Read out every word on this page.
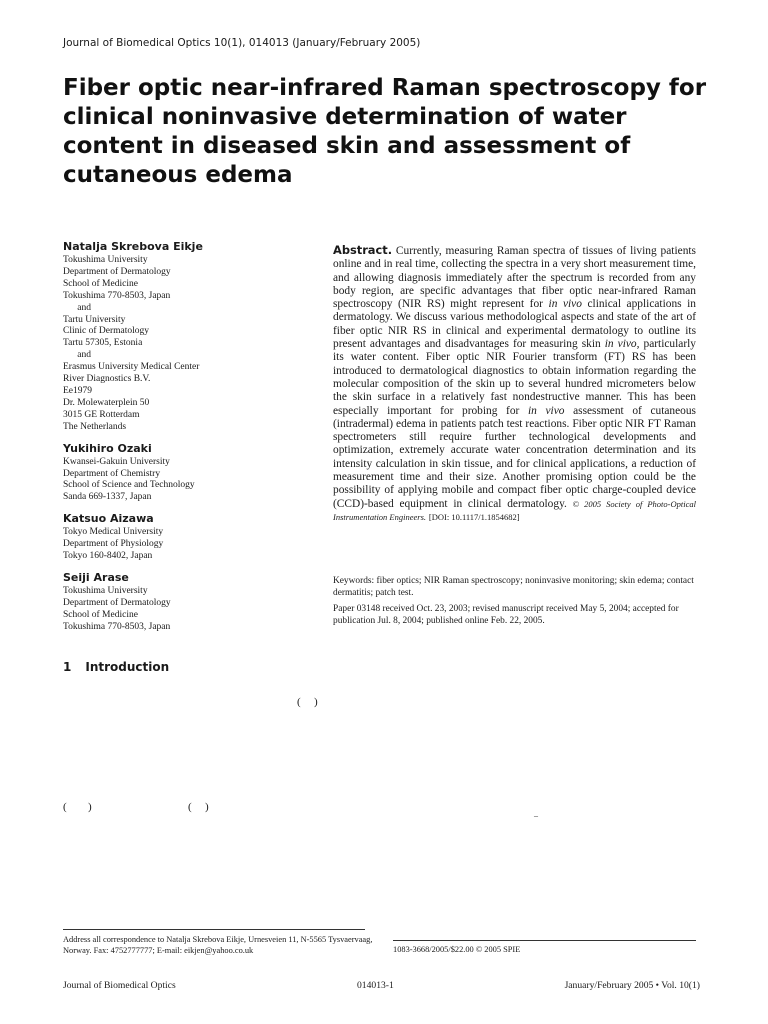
Journal of Biomedical Optics 10(1), 014013 (January/February 2005)
Fiber optic near-infrared Raman spectroscopy for clinical noninvasive determination of water content in diseased skin and assessment of cutaneous edema
Natalja Skrebova Eikje
Tokushima University
Department of Dermatology
School of Medicine
Tokushima 770-8503, Japan
and
Tartu University
Clinic of Dermatology
Tartu 57305, Estonia
and
Erasmus University Medical Center
River Diagnostics B.V.
Ee1979
Dr. Molewaterplein 50
3015 GE Rotterdam
The Netherlands
Yukihiro Ozaki
Kwansei-Gakuin University
Department of Chemistry
School of Science and Technology
Sanda 669-1337, Japan
Katsuo Aizawa
Tokyo Medical University
Department of Physiology
Tokyo 160-8402, Japan
Seiji Arase
Tokushima University
Department of Dermatology
School of Medicine
Tokushima 770-8503, Japan

Abstract. Currently, measuring Raman spectra of tissues of living patients online and in real time, collecting the spectra in a very short measurement time, and allowing diagnosis immediately after the spectrum is recorded from any body region, are specific advantages that fiber optic near-infrared Raman spectroscopy (NIR RS) might represent for in vivo clinical applications in dermatology. We discuss various methodological aspects and state of the art of fiber optic NIR RS in clinical and experimental dermatology to outline its present advantages and disadvantages for measuring skin in vivo, particularly its water content. Fiber optic NIR Fourier transform (FT) RS has been introduced to dermatological diagnostics to obtain information regarding the molecular composition of the skin up to several hundred micrometers below the skin surface in a relatively fast nondestructive manner. This has been especially important for probing for in vivo assessment of cutaneous (intradermal) edema in patients patch test reactions. Fiber optic NIR FT Raman spectrometers still require further technological developments and optimization, extremely accurate water concentration determination and its intensity calculation in skin tissue, and for clinical applications, a reduction of measurement time and their size. Another promising option could be the possibility of applying mobile and compact fiber optic charge-coupled device (CCD)-based equipment in clinical dermatology. © 2005 Society of Photo-Optical Instrumentation Engineers. [DOI: 10.1117/1.1854682]

Keywords: fiber optics; NIR Raman spectroscopy; noninvasive monitoring; skin edema; contact dermatitis; patch test.

Paper 03148 received Oct. 23, 2003; revised manuscript received May 5, 2004; accepted for publication Jul. 8, 2004; published online Feb. 22, 2005.

1 Introduction
( )
( )	( )
–

Address all correspondence to Natalja Skrebova Eikje, Urnesveien 11, N-5565 Tysvaervaag, Norway. Fax: 4752777777; E-mail: eikjen@yahoo.co.uk	1083-3668/2005/$22.00 © 2005 SPIE
Journal of Biomedical Optics	014013-1	January/February 2005 • Vol. 10(1)
